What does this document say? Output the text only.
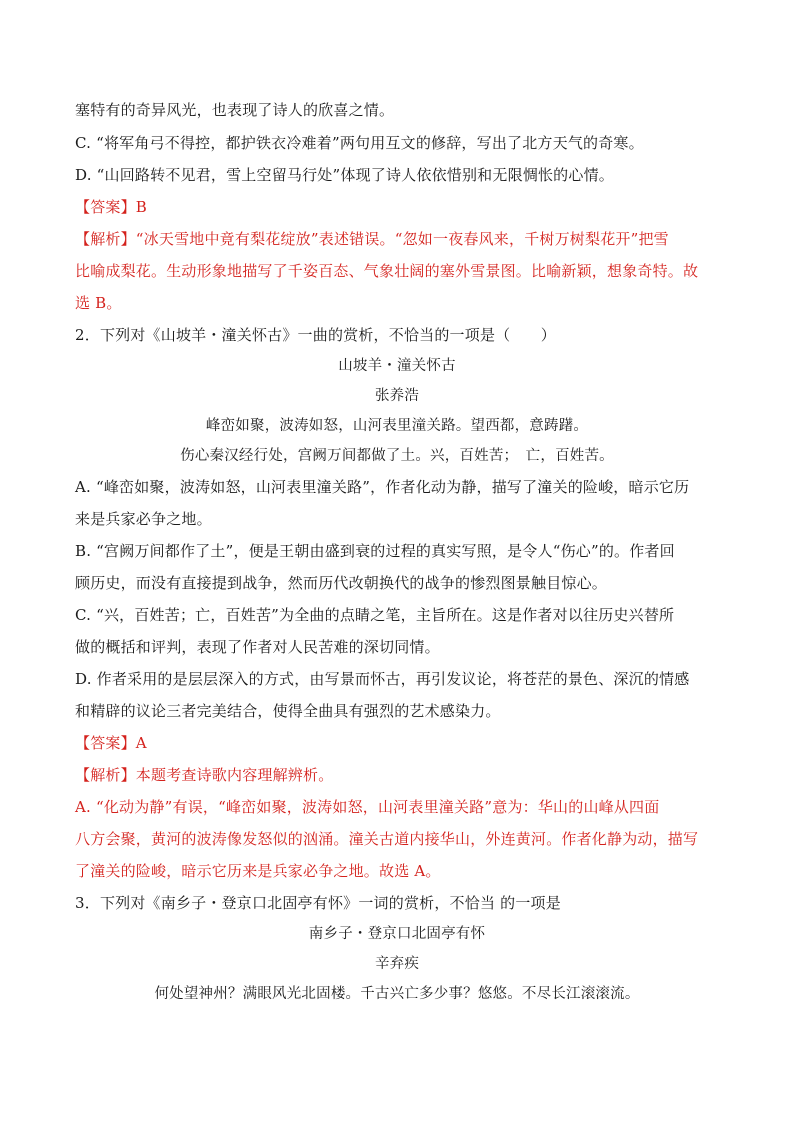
塞特有的奇异风光，也表现了诗人的欣喜之情。
C. “将军角弓不得控，都护铁衣冷难着”两句用互文的修辞，写出了北方天气的奇寒。
D. “山回路转不见君，雪上空留马行处”体现了诗人依依惜别和无限惆怅的心情。
【答案】B
【解析】“冰天雪地中竟有梨花绽放”表述错误。“忽如一夜春风来，千树万树梨花开”把雪
比喻成梨花。生动形象地描写了千姿百态、气象壮阔的塞外雪景图。比喻新颖，想象奇特。故
选 B。
2．下列对《山坡羊・潼关怀古》一曲的赏析，不恰当的一项是（　　）
山坡羊・潼关怀古
张养浩
峰峦如聚，波涛如怒，山河表里潼关路。望西都，意踌躇。
伤心秦汉经行处，宫阙万间都做了土。兴，百姓苦；　亡，百姓苦。
A. “峰峦如聚，波涛如怒，山河表里潼关路”，作者化动为静，描写了潼关的险峻，暗示它历
来是兵家必争之地。
B. “宫阙万间都作了土”，便是王朝由盛到衰的过程的真实写照，是令人“伤心”的。作者回
顾历史，而没有直接提到战争，然而历代改朝换代的战争的惨烈图景触目惊心。
C. “兴，百姓苦；亡，百姓苦”为全曲的点睛之笔，主旨所在。这是作者对以往历史兴替所
做的概括和评判，表现了作者对人民苦难的深切同情。
D. 作者采用的是层层深入的方式，由写景而怀古，再引发议论，将苍茫的景色、深沉的情感
和精辟的议论三者完美结合，使得全曲具有强烈的艺术感染力。
【答案】A
【解析】本题考查诗歌内容理解辨析。
A. “化动为静”有误，“峰峦如聚，波涛如怒，山河表里潼关路”意为：华山的山峰从四面
八方会聚，黄河的波涛像发怒似的汹涌。潼关古道内接华山，外连黄河。作者化静为动，描写
了潼关的险峻，暗示它历来是兵家必争之地。故选 A。
3．下列对《南乡子・登京口北固亭有怀》一词的赏析，不恰当 的一项是
南乡子・登京口北固亭有怀
辛弃疾
何处望神州？满眼风光北固楼。千古兴亡多少事？悠悠。不尽长江滚滚流。
